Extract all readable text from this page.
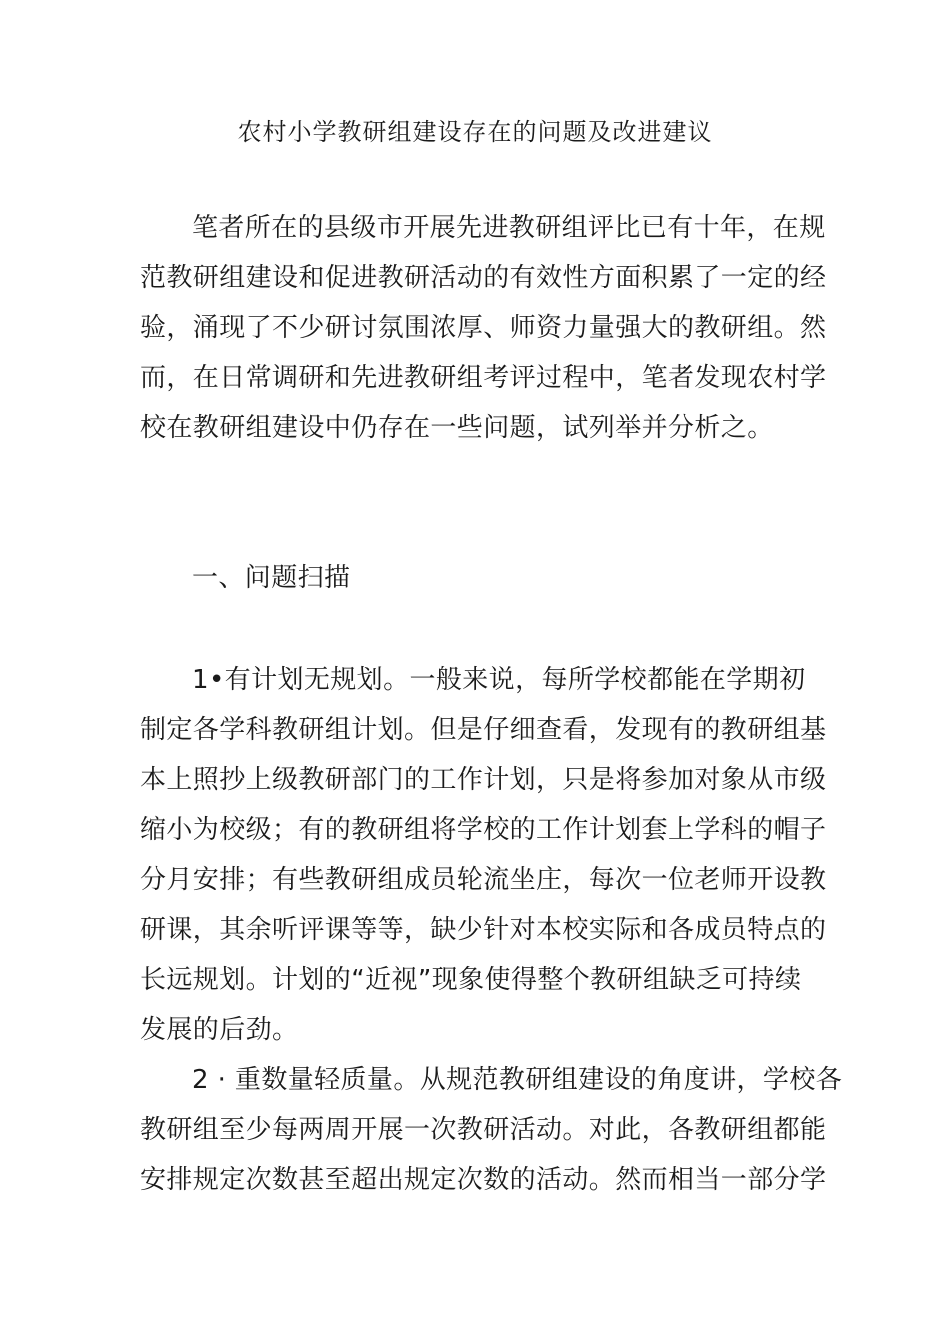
农村小学教研组建设存在的问题及改进建议
笔者所在的县级市开展先进教研组评比已有十年，在规
范教研组建设和促进教研活动的有效性方面积累了一定的经
验，涌现了不少研讨氛围浓厚、师资力量强大的教研组。然
而，在日常调研和先进教研组考评过程中，笔者发现农村学
校在教研组建设中仍存在一些问题，试列举并分析之。
一、问题扫描
1•有计划无规划。一般来说，每所学校都能在学期初
制定各学科教研组计划。但是仔细查看，发现有的教研组基
本上照抄上级教研部门的工作计划，只是将参加对象从市级
缩小为校级；有的教研组将学校的工作计划套上学科的帽子
分月安排；有些教研组成员轮流坐庄，每次一位老师开设教
研课，其余听评课等等，缺少针对本校实际和各成员特点的
长远规划。计划的“近视”现象使得整个教研组缺乏可持续
发展的后劲。
2 · 重数量轻质量。从规范教研组建设的角度讲，学校各
教研组至少每两周开展一次教研活动。对此，各教研组都能
安排规定次数甚至超出规定次数的活动。然而相当一部分学
